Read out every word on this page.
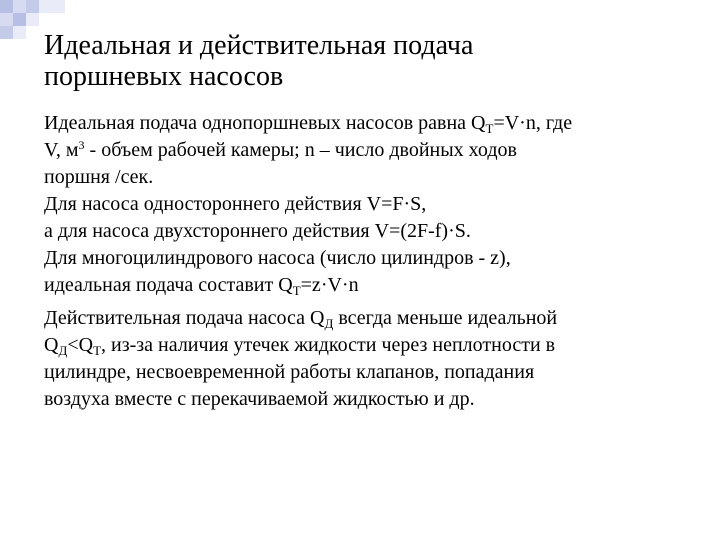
Идеальная и действительная подача
поршневых насосов

Идеальная подача однопоршневых насосов равна $Q_Т=V\cdot n$, где

V, $м^3$ - объем рабочей камеры; n – число двойных ходов

поршня /сек.

Для насоса одностороннего действия V=F·S,

а для насоса двухстороннего действия V=(2F-f)·S.

Для многоцилиндрового насоса (число цилиндров - z),

идеальная подача составит $Q_T=z\cdot V\cdot n$

Действительная подача насоса $Q_Д$ всегда меньше идеальной

$Q_Д<Q_Т$, из-за наличия утечек жидкости через неплотности в

цилиндре, несвоевременной работы клапанов, попадания

воздуха вместе с перекачиваемой жидкостью и др.
